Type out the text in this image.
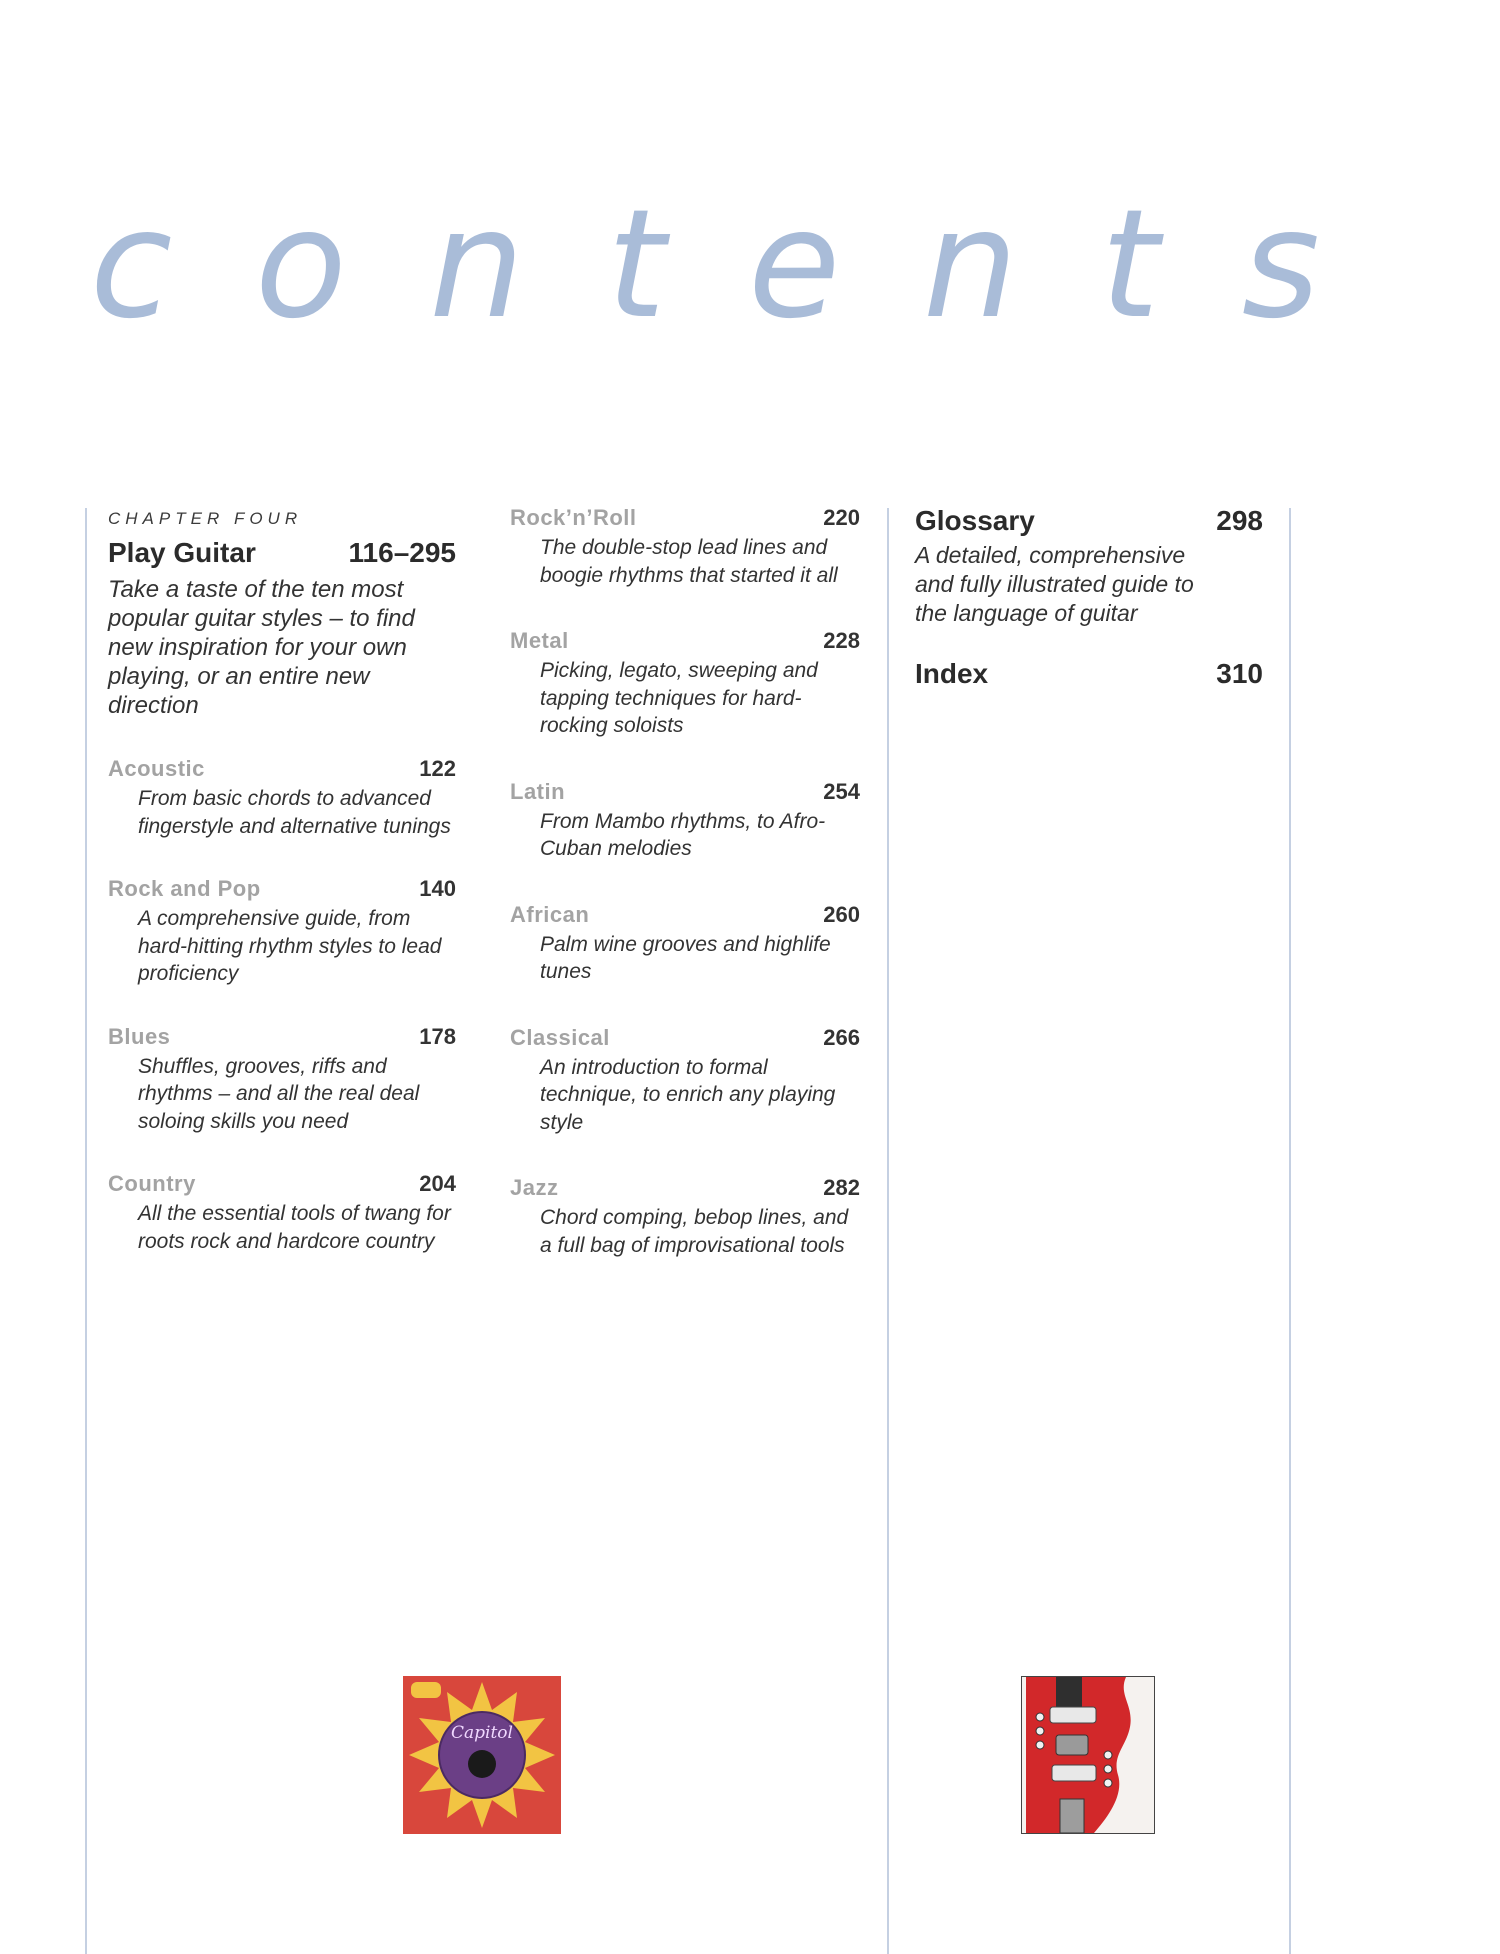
c o n t e n t s
CHAPTER FOUR
Play Guitar	116–295
Take a taste of the ten most popular guitar styles – to find new inspiration for your own playing, or an entire new direction
Acoustic	122
From basic chords to advanced fingerstyle and alternative tunings
Rock and Pop	140
A comprehensive guide, from hard-hitting rhythm styles to lead proficiency
Blues	178
Shuffles, grooves, riffs and rhythms – and all the real deal soloing skills you need
Country	204
All the essential tools of twang for roots rock and hardcore country
Rock’n’Roll	220
The double-stop lead lines and boogie rhythms that started it all
Metal	228
Picking, legato, sweeping and tapping techniques for hard-rocking soloists
Latin	254
From Mambo rhythms, to Afro-Cuban melodies
African	260
Palm wine grooves and highlife tunes
Classical	266
An introduction to formal technique, to enrich any playing style
Jazz	282
Chord comping, bebop lines, and a full bag of improvisational tools
Glossary	298
A detailed, comprehensive and fully illustrated guide to the language of guitar
Index	310
Capitol
